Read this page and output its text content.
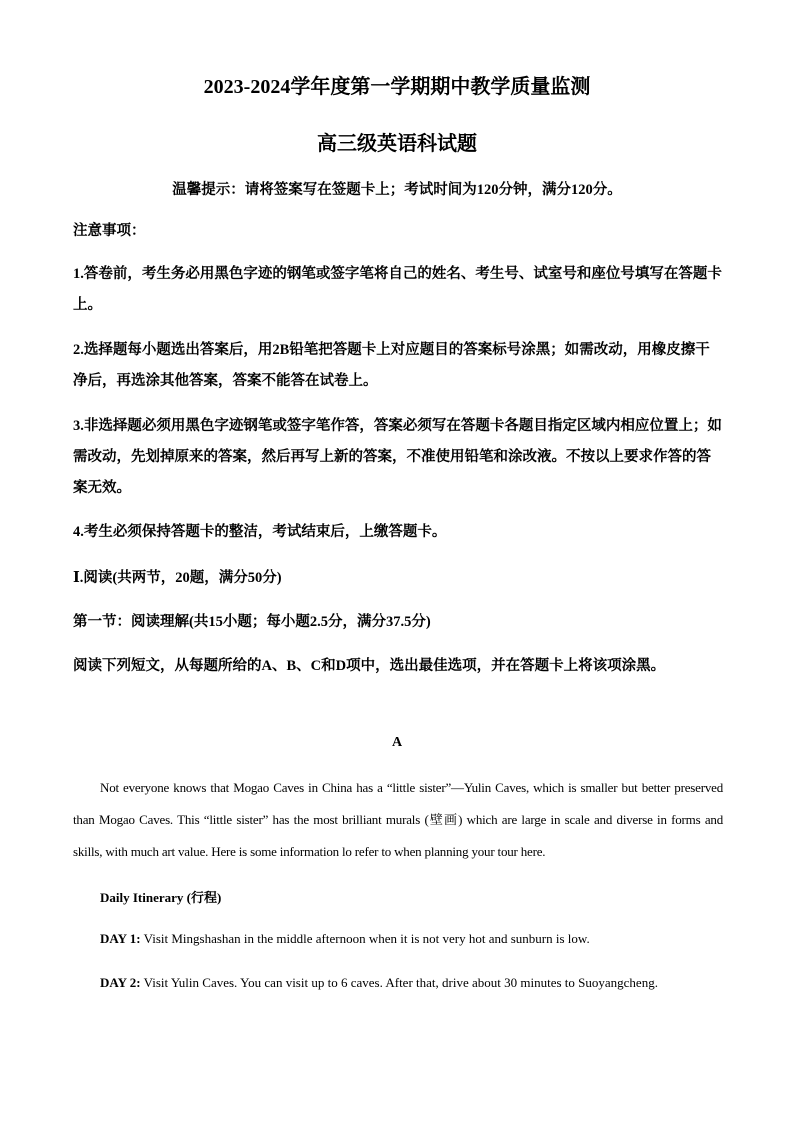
2023-2024学年度第一学期期中教学质量监测
高三级英语科试题
温馨提示：请将签案写在签题卡上；考试时间为120分钟，满分120分。
注意事项：
1.答卷前，考生务必用黑色字迹的钢笔或签字笔将自己的姓名、考生号、试室号和座位号填写在答题卡上。
2.选择题每小题选出答案后，用2B铅笔把答题卡上对应题目的答案标号涂黑；如需改动，用橡皮擦干净后，再选涂其他答案，答案不能答在试卷上。
3.非选择题必须用黑色字迹钢笔或签字笔作答，答案必须写在答题卡各题目指定区域内相应位置上；如需改动，先划掉原来的答案，然后再写上新的答案，不准使用铅笔和涂改液。不按以上要求作答的答案无效。
4.考生必须保持答题卡的整洁，考试结束后，上缴答题卡。
Ⅰ.阅读(共两节，20题，满分50分)
第一节：阅读理解(共15小题；每小题2.5分，满分37.5分)
阅读下列短文，从每题所给的A、B、C和D项中，选出最佳选项，并在答题卡上将该项涂黑。
A
Not everyone knows that Mogao Caves in China has a “little sister”—Yulin Caves, which is smaller but better preserved than Mogao Caves. This “little sister” has the most brilliant murals (壁画) which are large in scale and diverse in forms and skills, with much art value. Here is some information lo refer to when planning your tour here.
Daily Itinerary (行程)
DAY 1: Visit Mingshashan in the middle afternoon when it is not very hot and sunburn is low.
DAY 2: Visit Yulin Caves. You can visit up to 6 caves. After that, drive about 30 minutes to Suoyangcheng.
